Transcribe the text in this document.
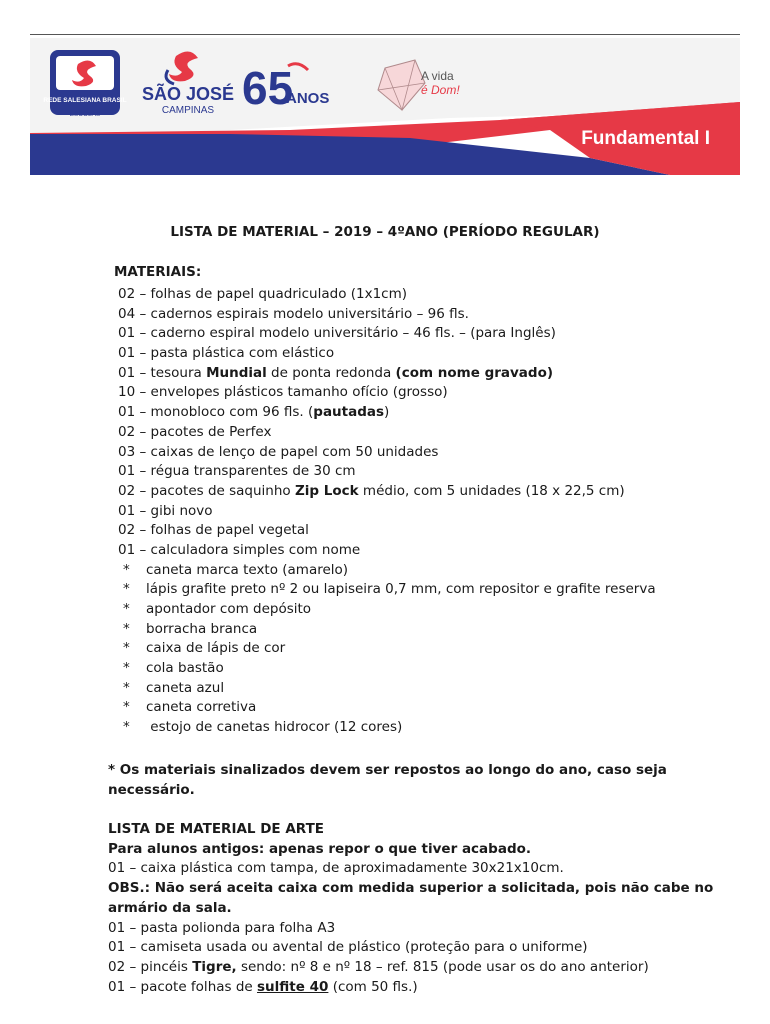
REDE SALESIANA BRASIL
ESCOLAS
SÃO JOSÉ
CAMPINAS 65
ANOS
A vida
é Dom!
Fundamental I
LISTA DE MATERIAL – 2019 – 4ºANO (PERÍODO REGULAR)
MATERIAIS:
02 – folhas de papel quadriculado (1x1cm)
04 – cadernos espirais modelo universitário – 96 fls.
01 – caderno espiral modelo universitário – 46 fls. – (para Inglês)
01 – pasta plástica com elástico
01 – tesoura Mundial de ponta redonda (com nome gravado)
10 – envelopes plásticos tamanho ofício (grosso)
01 – monobloco com 96 fls. (pautadas)
02 – pacotes de Perfex
03 – caixas de lenço de papel com 50 unidades
01 – régua transparentes de 30 cm
02 – pacotes de saquinho Zip Lock médio, com 5 unidades (18 x 22,5 cm)
01 – gibi novo
02 – folhas de papel vegetal
01 – calculadora simples com nome
* caneta marca texto (amarelo)
* lápis grafite preto nº 2 ou lapiseira 0,7 mm, com repositor e grafite reserva
* apontador com depósito
* borracha branca
* caixa de lápis de cor
* cola bastão
* caneta azul
* caneta corretiva
* estojo de canetas hidrocor (12 cores)
* Os materiais sinalizados devem ser repostos ao longo do ano, caso seja necessário.
LISTA DE MATERIAL DE ARTE
Para alunos antigos: apenas repor o que tiver acabado.
01 – caixa plástica com tampa, de aproximadamente 30x21x10cm.
OBS.: Não será aceita caixa com medida superior a solicitada, pois não cabe no armário da sala.
01 – pasta polionda para folha A3
01 – camiseta usada ou avental de plástico (proteção para o uniforme)
02 – pincéis Tigre, sendo: nº 8 e nº 18 – ref. 815 (pode usar os do ano anterior)
01 – pacote folhas de sulfite 40 (com 50 fls.)
